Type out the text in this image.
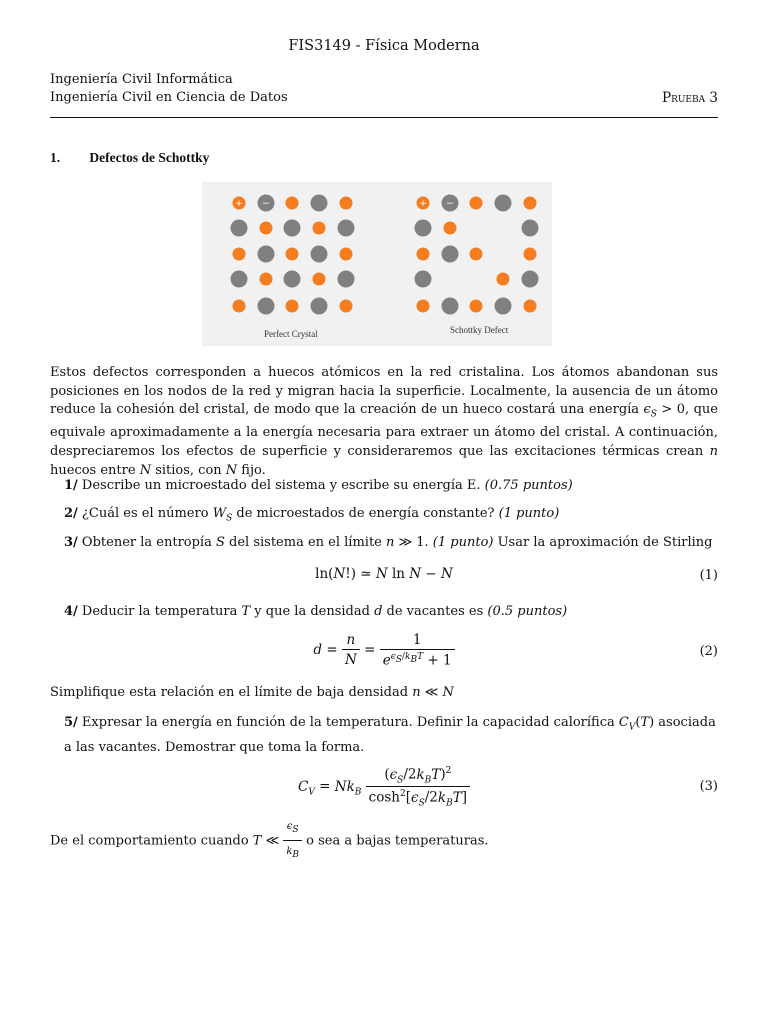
FIS3149 - Física Moderna
Ingeniería Civil Informática
Ingeniería Civil en Ciencia de Datos	Prueba 3
1. Defectos de Schottky
+ −	+ −
Perfect Crystal	Schottky Defect
Estos defectos corresponden a huecos atómicos en la red cristalina. Los átomos abandonan sus posiciones en los nodos de la red y migran hacia la superficie. Localmente, la ausencia de un átomo reduce la cohesión del cristal, de modo que la creación de un hueco costará una energía $\epsilon_S > 0$, que equivale aproximadamente a la energía necesaria para extraer un átomo del cristal. A continuación, despreciaremos los efectos de superficie y consideraremos que las excitaciones térmicas crean n huecos entre N sitios, con N fijo.
1/ Describe un microestado del sistema y escribe su energía E. (0.75 puntos)
2/ ¿Cuál es el número $W_S$ de microestados de energía constante? (1 punto)
3/ Obtener la entropía S del sistema en el límite n ≫ 1. (1 punto) Usar la aproximación de Stirling
ln(N!) ≃ N ln N − N	(1)
4/ Deducir la temperatura T y que la densidad d de vacantes es (0.5 puntos)
$d = \frac{n}{N} = \frac{1}{e^{\epsilon_S/k_BT} + 1}$	(2)
Simplifique esta relación en el límite de baja densidad n ≪ N
5/ Expresar la energía en función de la temperatura. Definir la capacidad calorífica $C_V(T)$ asociada a las vacantes. Demostrar que toma la forma.
$C_V = Nk_B \frac{(\epsilon_S/2k_BT)^2}{\cosh^2[\epsilon_S/2k_BT]}$	(3)
De el comportamiento cuando T ≪ $\frac{\epsilon_S}{k_B}$ o sea a bajas temperaturas.
